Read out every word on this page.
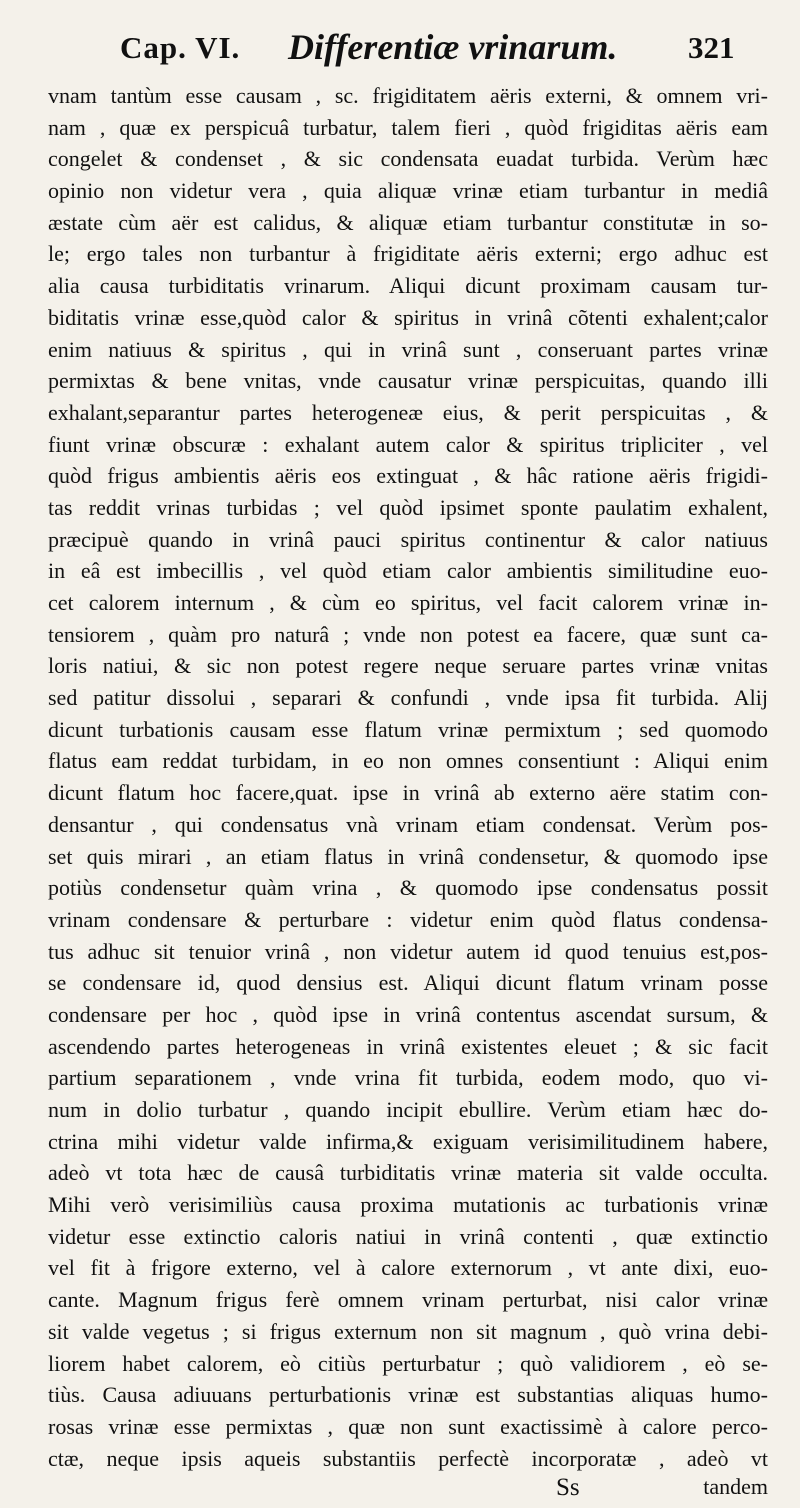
Cap. VI. Differentiæ vrinarum. 321
vnam tantùm esse causam , sc. frigiditatem aëris externi, & omnem vri-
nam , quæ ex perspicuâ turbatur, talem fieri , quòd frigiditas aëris eam
congelet & condenset , & sic condensata euadat turbida. Verùm hæc
opinio non videtur vera , quia aliquæ vrinæ etiam turbantur in mediâ
æstate cùm aër est calidus, & aliquæ etiam turbantur constitutæ in so-
le; ergo tales non turbantur à frigiditate aëris externi; ergo adhuc est
alia causa turbiditatis vrinarum. Aliqui dicunt proximam causam tur-
biditatis vrinæ esse,quòd calor & spiritus in vrinâ cõtenti exhalent;calor
enim natiuus & spiritus , qui in vrinâ sunt , conseruant partes vrinæ
permixtas & bene vnitas, vnde causatur vrinæ perspicuitas, quando illi
exhalant,separantur partes heterogeneæ eius, & perit perspicuitas , &
fiunt vrinæ obscuræ : exhalant autem calor & spiritus tripliciter , vel
quòd frigus ambientis aëris eos extinguat , & hâc ratione aëris frigidi-
tas reddit vrinas turbidas ; vel quòd ipsimet sponte paulatim exhalent,
præcipuè quando in vrinâ pauci spiritus continentur & calor natiuus
in eâ est imbecillis , vel quòd etiam calor ambientis similitudine euo-
cet calorem internum , & cùm eo spiritus, vel facit calorem vrinæ in-
tensiorem , quàm pro naturâ ; vnde non potest ea facere, quæ sunt ca-
loris natiui, & sic non potest regere neque seruare partes vrinæ vnitas
sed patitur dissolui , separari & confundi , vnde ipsa fit turbida. Alij
dicunt turbationis causam esse flatum vrinæ permixtum ; sed quomodo
flatus eam reddat turbidam, in eo non omnes consentiunt : Aliqui enim
dicunt flatum hoc facere,quat. ipse in vrinâ ab externo aëre statim con-
densantur , qui condensatus vnà vrinam etiam condensat. Verùm pos-
set quis mirari , an etiam flatus in vrinâ condensetur, & quomodo ipse
potiùs condensetur quàm vrina , & quomodo ipse condensatus possit
vrinam condensare & perturbare : videtur enim quòd flatus condensa-
tus adhuc sit tenuior vrinâ , non videtur autem id quod tenuius est,pos-
se condensare id, quod densius est. Aliqui dicunt flatum vrinam posse
condensare per hoc , quòd ipse in vrinâ contentus ascendat sursum, &
ascendendo partes heterogeneas in vrinâ existentes eleuet ; & sic facit
partium separationem , vnde vrina fit turbida, eodem modo, quo vi-
num in dolio turbatur , quando incipit ebullire. Verùm etiam hæc do-
ctrina mihi videtur valde infirma,& exiguam verisimilitudinem habere,
adeò vt tota hæc de causâ turbiditatis vrinæ materia sit valde occulta.
Mihi verò verisimiliùs causa proxima mutationis ac turbationis vrinæ
videtur esse extinctio caloris natiui in vrinâ contenti , quæ extinctio
vel fit à frigore externo, vel à calore externorum , vt ante dixi, euo-
cante. Magnum frigus ferè omnem vrinam perturbat, nisi calor vrinæ
sit valde vegetus ; si frigus externum non sit magnum , quò vrina debi-
liorem habet calorem, eò citiùs perturbatur ; quò validiorem , eò se-
tiùs. Causa adiuuans perturbationis vrinæ est substantias aliquas humo-
rosas vrinæ esse permixtas , quæ non sunt exactissimè à calore perco-
ctæ, neque ipsis aqueis substantiis perfectè incorporatæ , adeò vt
Ss	tandem
